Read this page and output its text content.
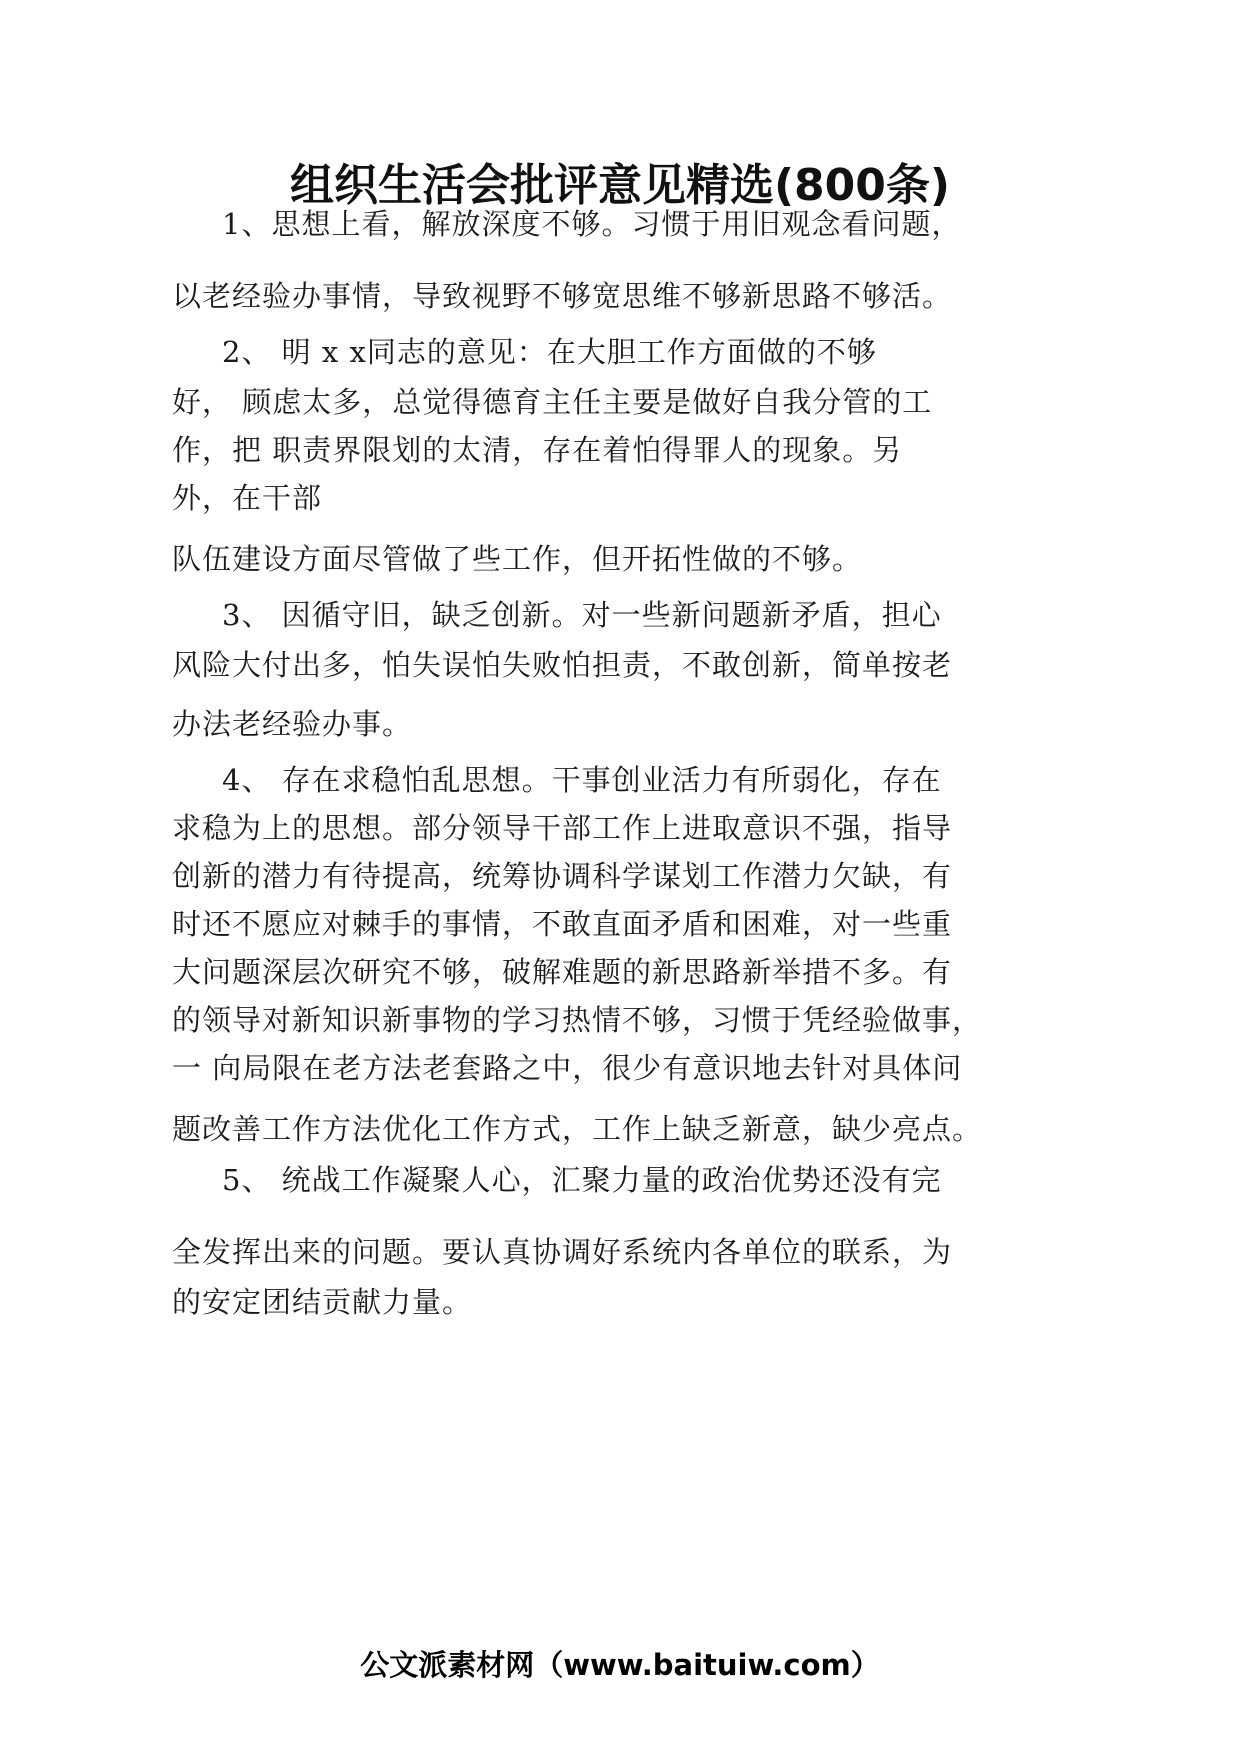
组织生活会批评意见精选(800条)

1、思想上看，解放深度不够。习惯于用旧观念看问题，

以老经验办事情，导致视野不够宽思维不够新思路不够活。

2、 明 x x同志的意见：在大胆工作方面做的不够

好， 顾虑太多，总觉得德育主任主要是做好自我分管的工

作，把 职责界限划的太清，存在着怕得罪人的现象。另

外，在干部

队伍建设方面尽管做了些工作，但开拓性做的不够。

3、 因循守旧，缺乏创新。对一些新问题新矛盾，担心

风险大付出多，怕失误怕失败怕担责，不敢创新，简单按老

办法老经验办事。

4、 存在求稳怕乱思想。干事创业活力有所弱化，存在

求稳为上的思想。部分领导干部工作上进取意识不强，指导

创新的潜力有待提高，统筹协调科学谋划工作潜力欠缺，有

时还不愿应对棘手的事情，不敢直面矛盾和困难，对一些重

大问题深层次研究不够，破解难题的新思路新举措不多。有

的领导对新知识新事物的学习热情不够，习惯于凭经验做事，

一 向局限在老方法老套路之中，很少有意识地去针对具体问

题改善工作方法优化工作方式，工作上缺乏新意，缺少亮点。

5、 统战工作凝聚人心，汇聚力量的政治优势还没有完

全发挥出来的问题。要认真协调好系统内各单位的联系，为

的安定团结贡献力量。

公文派素材网（www.baituiw.com）
